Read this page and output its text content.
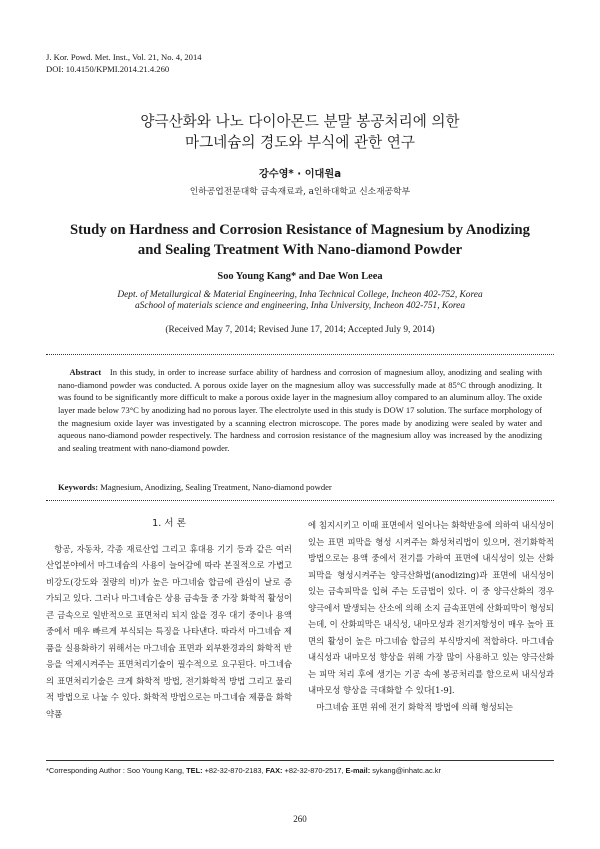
J. Kor. Powd. Met. Inst., Vol. 21, No. 4, 2014
DOI: 10.4150/KPMI.2014.21.4.260
양극산화와 나노 다이아몬드 분말 봉공처리에 의한
마그네슘의 경도와 부식에 관한 연구
강수영* · 이대원a
인하공업전문대학 금속재료과, a인하대학교 신소재공학부
Study on Hardness and Corrosion Resistance of Magnesium by Anodizing
and Sealing Treatment With Nano-diamond Powder
Soo Young Kang* and Dae Won Leea
Dept. of Metallurgical & Material Engineering, Inha Technical College, Incheon 402-752, Korea
aSchool of materials science and engineering, Inha University, Incheon 402-751, Korea
(Received May 7, 2014; Revised June 17, 2014; Accepted July 9, 2014)
Abstract In this study, in order to increase surface ability of hardness and corrosion of magnesium alloy, anodizing and sealing with nano-diamond powder was conducted. A porous oxide layer on the magnesium alloy was successfully made at 85°C through anodizing. It was found to be significantly more difficult to make a porous oxide layer in the magnesium alloy compared to an aluminum alloy. The oxide layer made below 73°C by anodizing had no porous layer. The electrolyte used in this study is DOW 17 solution. The surface morphology of the magnesium oxide layer was investigated by a scanning electron microscope. The pores made by anodizing were sealed by water and aqueous nano-diamond powder respectively. The hardness and corrosion resistance of the magnesium alloy was increased by the anodizing and sealing treatment with nano-diamond powder.
Keywords: Magnesium, Anodizing, Sealing Treatment, Nano-diamond powder
1. 서 론

항공, 자동차, 각종 재료산업 그리고 휴대용 기기 등과 같은 여러 산업분야에서 마그네슘의 사용이 늘어감에 따라 본질적으로 가볍고 비강도(강도와 질량의 비)가 높은 마그네슘 합금에 관심이 날로 증가되고 있다. 그러나 마그네슘은 상용 금속들 중 가장 화학적 활성이 큰 금속으로 일반적으로 표면처리 되지 않을 경우 대기 중이나 용액 중에서 매우 빠르게 부식되는 특징을 나타낸다. 따라서 마그네슘 제품을 실용화하기 위해서는 마그네슘 표면과 외부환경과의 화학적 반응을 억제시켜주는 표면처리기술이 필수적으로 요구된다. 마그네슘의 표면처리기술은 크게 화학적 방법, 전기화학적 방법 그리고 물리적 방법으로 나눌 수 있다. 화학적 방법으로는 마그네슘 제품을 화학약품

에 침지시키고 이때 표면에서 일어나는 화학반응에 의하여 내식성이 있는 표면 피막을 형성 시켜주는 화성처리법이 있으며, 전기화학적 방법으로는 용액 중에서 전기를 가하여 표면에 내식성이 있는 산화피막을 형성시켜주는 양극산화법(anodizing)과 표면에 내식성이 있는 금속피막을 입혀 주는 도금법이 있다. 이 중 양극산화의 경우 양극에서 발생되는 산소에 의해 소지 금속표면에 산화피막이 형성되는데, 이 산화피막은 내식성, 내마모성과 전기저항성이 매우 높아 표면의 활성이 높은 마그네슘 합금의 부식방지에 적합하다. 마그네슘 내식성과 내마모성 향상을 위해 가장 많이 사용하고 있는 양극산화는 피막 처리 후에 생기는 기공 속에 봉공처리를 함으로써 내식성과 내마모성 향상을 극대화할 수 있다[1-9].

마그네슘 표면 위에 전기 화학적 방법에 의해 형성되는

*Corresponding Author : Soo Young Kang, TEL: +82-32-870-2183, FAX: +82-32-870-2517, E-mail: sykang@inhatc.ac.kr
260
